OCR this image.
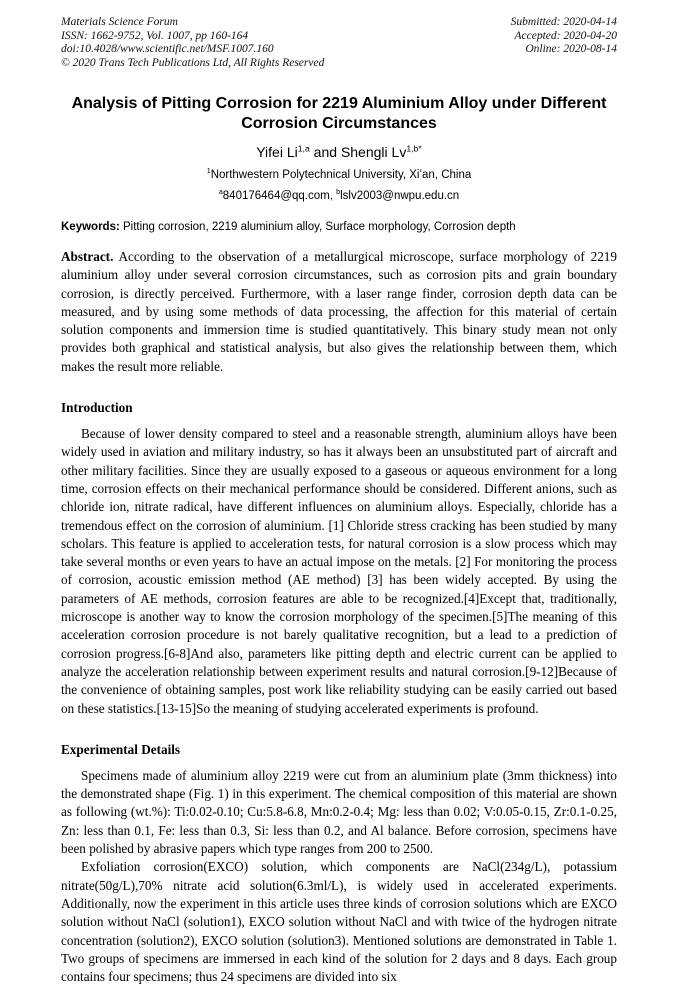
Materials Science Forum
ISSN: 1662-9752, Vol. 1007, pp 160-164
doi:10.4028/www.scientific.net/MSF.1007.160
© 2020 Trans Tech Publications Ltd, All Rights Reserved
Submitted: 2020-04-14
Accepted: 2020-04-20
Online: 2020-08-14
Analysis of Pitting Corrosion for 2219 Aluminium Alloy under Different Corrosion Circumstances
Yifei Li$^{1,a}$ and Shengli $Lv^{1,b*}$
$^1$Northwestern Polytechnical University, Xi’an, China
$^a$840176464@qq.com, $^b$lslv2003@nwpu.edu.cn
Keywords: Pitting corrosion, 2219 aluminium alloy, Surface morphology, Corrosion depth

Abstract. According to the observation of a metallurgical microscope, surface morphology of 2219 aluminium alloy under several corrosion circumstances, such as corrosion pits and grain boundary corrosion, is directly perceived. Furthermore, with a laser range finder, corrosion depth data can be measured, and by using some methods of data processing, the affection for this material of certain solution components and immersion time is studied quantitatively. This binary study mean not only provides both graphical and statistical analysis, but also gives the relationship between them, which makes the result more reliable.

Introduction

Because of lower density compared to steel and a reasonable strength, aluminium alloys have been widely used in aviation and military industry, so has it always been an unsubstituted part of aircraft and other military facilities. Since they are usually exposed to a gaseous or aqueous environment for a long time, corrosion effects on their mechanical performance should be considered. Different anions, such as chloride ion, nitrate radical, have different influences on aluminium alloys. Especially, chloride has a tremendous effect on the corrosion of aluminium. [1] Chloride stress cracking has been studied by many scholars. This feature is applied to acceleration tests, for natural corrosion is a slow process which may take several months or even years to have an actual impose on the metals. [2] For monitoring the process of corrosion, acoustic emission method (AE method) [3] has been widely accepted. By using the parameters of AE methods, corrosion features are able to be recognized.[4]Except that, traditionally, microscope is another way to know the corrosion morphology of the specimen.[5]The meaning of this acceleration corrosion procedure is not barely qualitative recognition, but a lead to a prediction of corrosion progress.[6-8]And also, parameters like pitting depth and electric current can be applied to analyze the acceleration relationship between experiment results and natural corrosion.[9-12]Because of the convenience of obtaining samples, post work like reliability studying can be easily carried out based on these statistics.[13-15]So the meaning of studying accelerated experiments is profound.

Experimental Details

Specimens made of aluminium alloy 2219 were cut from an aluminium plate (3mm thickness) into the demonstrated shape (Fig. 1) in this experiment. The chemical composition of this material are shown as following (wt.%): Ti:0.02-0.10; Cu:5.8-6.8, Mn:0.2-0.4; Mg: less than 0.02; V:0.05-0.15, Zr:0.1-0.25, Zn: less than 0.1, Fe: less than 0.3, Si: less than 0.2, and Al balance. Before corrosion, specimens have been polished by abrasive papers which type ranges from 200 to 2500.

Exfoliation corrosion(EXCO) solution, which components are NaCl(234g/L), potassium nitrate(50g/L),70% nitrate acid solution(6.3ml/L), is widely used in accelerated experiments. Additionally, now the experiment in this article uses three kinds of corrosion solutions which are EXCO solution without NaCl (solution1), EXCO solution without NaCl and with twice of the hydrogen nitrate concentration (solution2), EXCO solution (solution3). Mentioned solutions are demonstrated in Table 1. Two groups of specimens are immersed in each kind of the solution for 2 days and 8 days. Each group contains four specimens; thus 24 specimens are divided into six
